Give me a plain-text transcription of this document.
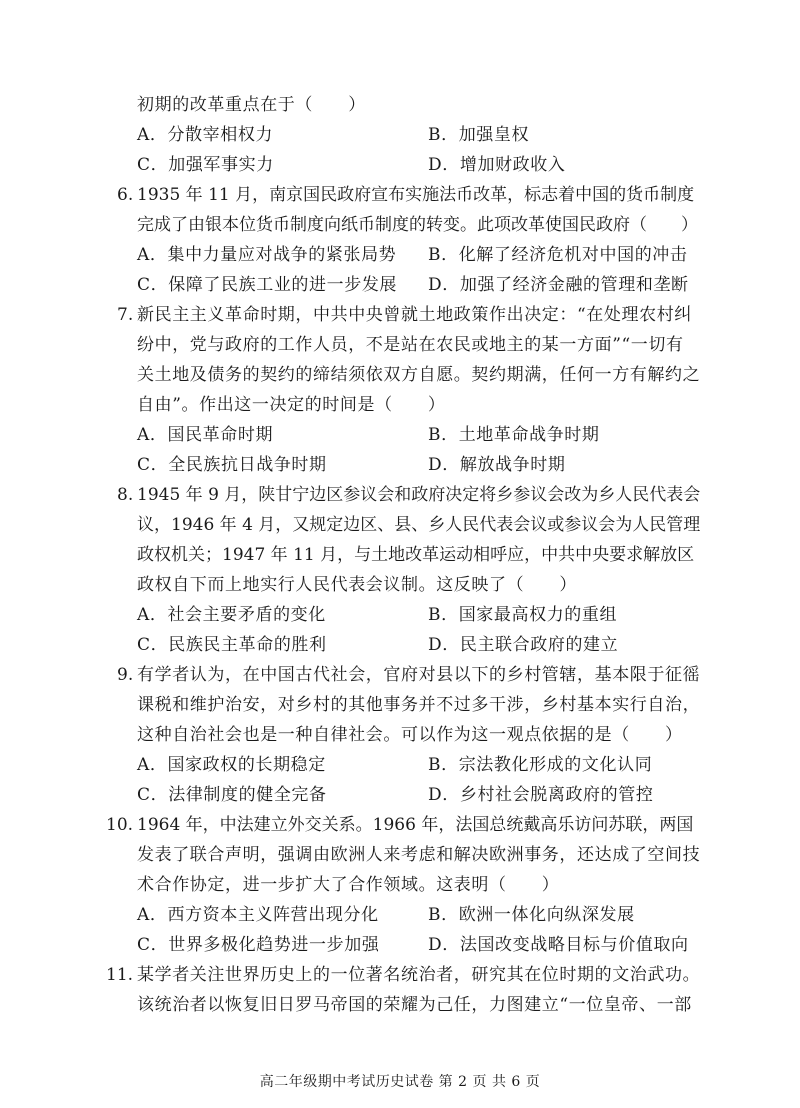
初期的改革重点在于（　　）
A．分散宰相权力	B．加强皇权
C．加强军事实力	D．增加财政收入
6. 1935 年 11 月，南京国民政府宣布实施法币改革，标志着中国的货币制度
完成了由银本位货币制度向纸币制度的转变。此项改革使国民政府（　　）
A．集中力量应对战争的紧张局势 B．化解了经济危机对中国的冲击
C．保障了民族工业的进一步发展 D．加强了经济金融的管理和垄断
7. 新民主主义革命时期，中共中央曾就土地政策作出决定：“在处理农村纠
纷中，党与政府的工作人员，不是站在农民或地主的某一方面”“一切有
关土地及债务的契约的缔结须依双方自愿。契约期满，任何一方有解约之
自由”。作出这一决定的时间是（　　）
A．国民革命时期	B．土地革命战争时期
C．全民族抗日战争时期	D．解放战争时期
8. 1945 年 9 月，陕甘宁边区参议会和政府决定将乡参议会改为乡人民代表会
议，1946 年 4 月，又规定边区、县、乡人民代表会议或参议会为人民管理
政权机关；1947 年 11 月，与土地改革运动相呼应，中共中央要求解放区
政权自下而上地实行人民代表会议制。这反映了（　　）
A．社会主要矛盾的变化	B．国家最高权力的重组
C．民族民主革命的胜利	D．民主联合政府的建立
9. 有学者认为，在中国古代社会，官府对县以下的乡村管辖，基本限于征徭
课税和维护治安，对乡村的其他事务并不过多干涉，乡村基本实行自治，
这种自治社会也是一种自律社会。可以作为这一观点依据的是（　　）
A．国家政权的长期稳定	B．宗法教化形成的文化认同
C．法律制度的健全完备	D．乡村社会脱离政府的管控
10. 1964 年，中法建立外交关系。1966 年，法国总统戴高乐访问苏联，两国
发表了联合声明，强调由欧洲人来考虑和解决欧洲事务，还达成了空间技
术合作协定，进一步扩大了合作领域。这表明（　　）
A．西方资本主义阵营出现分化	B．欧洲一体化向纵深发展
C．世界多极化趋势进一步加强	D．法国改变战略目标与价值取向
11. 某学者关注世界历史上的一位著名统治者，研究其在位时期的文治武功。
该统治者以恢复旧日罗马帝国的荣耀为己任，力图建立“一位皇帝、一部
高二年级期中考试历史试卷 第 2 页 共 6 页
